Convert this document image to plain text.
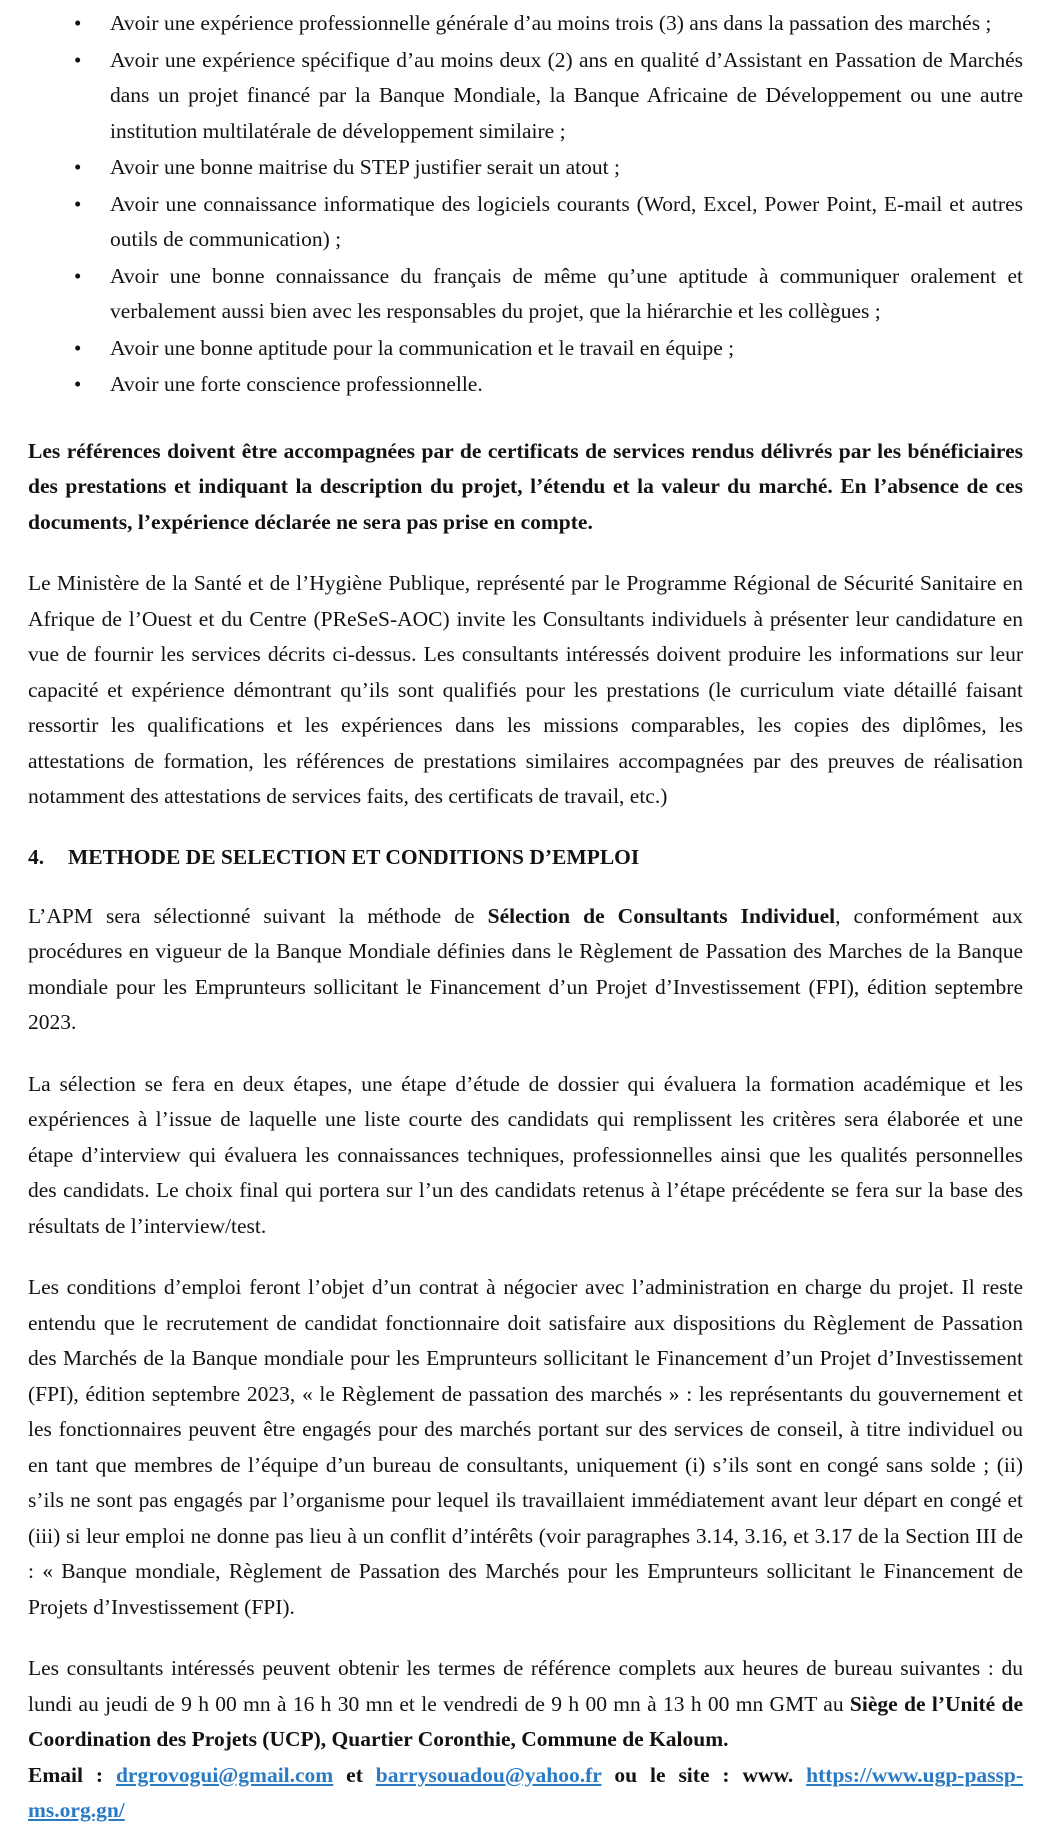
• Avoir une expérience professionnelle générale d’au moins trois (3) ans dans la passation des marchés ;
• Avoir une expérience spécifique d’au moins deux (2) ans en qualité d’Assistant en Passation de Marchés dans un projet financé par la Banque Mondiale, la Banque Africaine de Développement ou une autre institution multilatérale de développement similaire ;
• Avoir une bonne maitrise du STEP justifier serait un atout ;
• Avoir une connaissance informatique des logiciels courants (Word, Excel, Power Point, E-mail et autres outils de communication) ;
• Avoir une bonne connaissance du français de même qu’une aptitude à communiquer oralement et verbalement aussi bien avec les responsables du projet, que la hiérarchie et les collègues ;
• Avoir une bonne aptitude pour la communication et le travail en équipe ;
• Avoir une forte conscience professionnelle.

Les références doivent être accompagnées par de certificats de services rendus délivrés par les bénéficiaires des prestations et indiquant la description du projet, l’étendu et la valeur du marché. En l’absence de ces documents, l’expérience déclarée ne sera pas prise en compte.

Le Ministère de la Santé et de l’Hygiène Publique, représenté par le Programme Régional de Sécurité Sanitaire en Afrique de l’Ouest et du Centre (PReSeS-AOC) invite les Consultants individuels à présenter leur candidature en vue de fournir les services décrits ci-dessus. Les consultants intéressés doivent produire les informations sur leur capacité et expérience démontrant qu’ils sont qualifiés pour les prestations (le curriculum viate détaillé faisant ressortir les qualifications et les expériences dans les missions comparables, les copies des diplômes, les attestations de formation, les références de prestations similaires accompagnées par des preuves de réalisation notamment des attestations de services faits, des certificats de travail, etc.)

4.	METHODE DE SELECTION ET CONDITIONS D’EMPLOI

L’APM sera sélectionné suivant la méthode de Sélection de Consultants Individuel, conformément aux procédures en vigueur de la Banque Mondiale définies dans le Règlement de Passation des Marches de la Banque mondiale pour les Emprunteurs sollicitant le Financement d’un Projet d’Investissement (FPI), édition septembre 2023.

La sélection se fera en deux étapes, une étape d’étude de dossier qui évaluera la formation académique et les expériences à l’issue de laquelle une liste courte des candidats qui remplissent les critères sera élaborée et une étape d’interview qui évaluera les connaissances techniques, professionnelles ainsi que les qualités personnelles des candidats. Le choix final qui portera sur l’un des candidats retenus à l’étape précédente se fera sur la base des résultats de l’interview/test.

Les conditions d’emploi feront l’objet d’un contrat à négocier avec l’administration en charge du projet. Il reste entendu que le recrutement de candidat fonctionnaire doit satisfaire aux dispositions du Règlement de Passation des Marchés de la Banque mondiale pour les Emprunteurs sollicitant le Financement d’un Projet d’Investissement (FPI), édition septembre 2023, « le Règlement de passation des marchés » : les représentants du gouvernement et les fonctionnaires peuvent être engagés pour des marchés portant sur des services de conseil, à titre individuel ou en tant que membres de l’équipe d’un bureau de consultants, uniquement (i) s’ils sont en congé sans solde ; (ii) s’ils ne sont pas engagés par l’organisme pour lequel ils travaillaient immédiatement avant leur départ en congé et (iii) si leur emploi ne donne pas lieu à un conflit d’intérêts (voir paragraphes 3.14, 3.16, et 3.17 de la Section III de : « Banque mondiale, Règlement de Passation des Marchés pour les Emprunteurs sollicitant le Financement de Projets d’Investissement (FPI).

Les consultants intéressés peuvent obtenir les termes de référence complets aux heures de bureau suivantes : du lundi au jeudi de 9 h 00 mn à 16 h 30 mn et le vendredi de 9 h 00 mn à 13 h 00 mn GMT au Siège de l’Unité de Coordination des Projets (UCP), Quartier Coronthie, Commune de Kaloum.
Email : drgrovogui@gmail.com et barrysouadou@yahoo.fr ou le site : www. https://www.ugp-passp-ms.org.gn/
